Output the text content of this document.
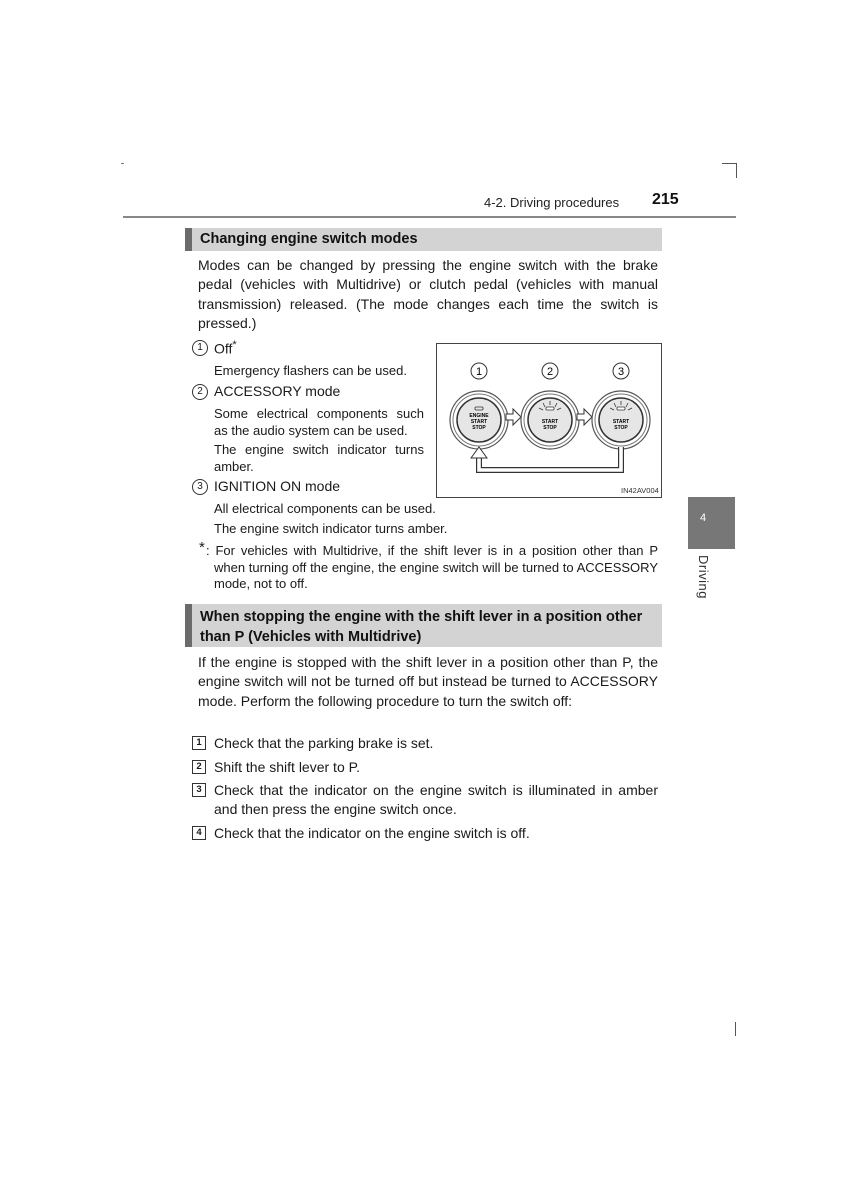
4-2. Driving procedures 215
4
Driving
Changing engine switch modes
Modes can be changed by pressing the engine switch with the brake pedal (vehicles with Multidrive) or clutch pedal (vehicles with manual transmission) released. (The mode changes each time the switch is pressed.)
1 Off*
Emergency flashers can be used.
2 ACCESSORY mode
Some electrical components such as the audio system can be used.
The engine switch indicator turns amber.
3 IGNITION ON mode
All electrical components can be used.
The engine switch indicator turns amber.
* : For vehicles with Multidrive, if the shift lever is in a position other than P when turning off the engine, the engine switch will be turned to ACCESSORY mode, not to off.
1	2	3
ENGINE
START
STOP
START
STOP
START
STOP
IN42AV004
When stopping the engine with the shift lever in a position other
than P (Vehicles with Multidrive)
If the engine is stopped with the shift lever in a position other than P, the engine switch will not be turned off but instead be turned to ACCESSORY mode. Perform the following procedure to turn the switch off:
1 Check that the parking brake is set.
2 Shift the shift lever to P.
3 Check that the indicator on the engine switch is illuminated in amber and then press the engine switch once.
4 Check that the indicator on the engine switch is off.
